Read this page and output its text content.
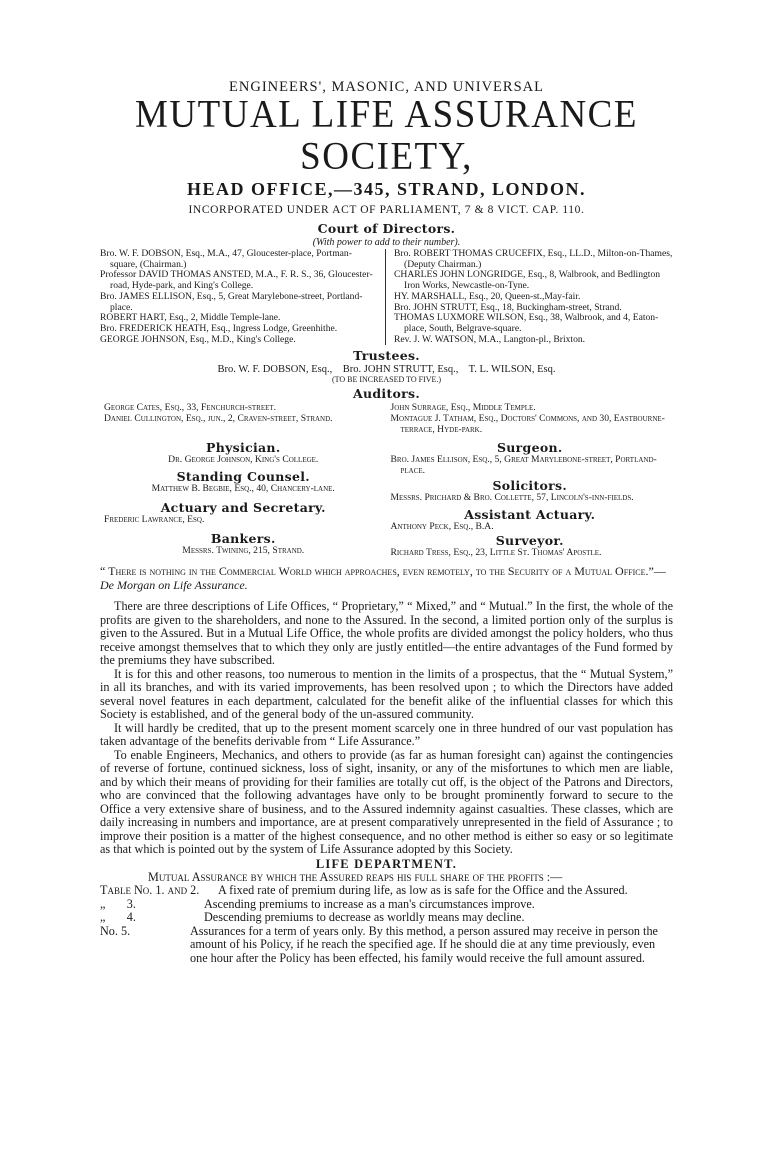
ENGINEERS', MASONIC, AND UNIVERSAL

MUTUAL LIFE ASSURANCE SOCIETY,

HEAD OFFICE,—345, STRAND, LONDON.

INCORPORATED UNDER ACT OF PARLIAMENT, 7 & 8 VICT. CAP. 110.

Court of Directors.
(With power to add to their number).

Bro. W. F. DOBSON, Esq., M.A., 47, Gloucester-place, Portman-square, (Chairman.)

Professor DAVID THOMAS ANSTED, M.A., F. R. S., 36, Gloucester-road, Hyde-park, and King's College.

Bro. JAMES ELLISON, Esq., 5, Great Marylebone-street, Portland-place.

ROBERT HART, Esq., 2, Middle Temple-lane.

Bro. FREDERICK HEATH, Esq., Ingress Lodge, Greenhithe.

GEORGE JOHNSON, Esq., M.D., King's College.

Bro. ROBERT THOMAS CRUCEFIX, Esq., LL.D., Milton-on-Thames, (Deputy Chairman.)

CHARLES JOHN LONGRIDGE, Esq., 8, Walbrook, and Bedlington Iron Works, Newcastle-on-Tyne.

HY. MARSHALL, Esq., 20, Queen-st.,May-fair.

Bro. JOHN STRUTT, Esq., 18, Buckingham-street, Strand.

THOMAS LUXMORE WILSON, Esq., 38, Walbrook, and 4, Eaton-place, South, Belgrave-square.

Rev. J. W. WATSON, M.A., Langton-pl., Brixton.

Trustees.
Bro. W. F. DOBSON, Esq.,    Bro. JOHN STRUTT, Esq.,    T. L. WILSON, Esq.
(TO BE INCREASED TO FIVE.)
Auditors.

George Cates, Esq., 33, Fenchurch-street.

Daniel Cullington, Esq., jun., 2, Craven-street, Strand.

John Surrage, Esq., Middle Temple.

Montague J. Tatham, Esq., Doctors' Commons, and 30, Eastbourne-terrace, Hyde-park.

Physician.
Dr. George Johnson, King's College.
Standing Counsel.
Matthew B. Begbie, Esq., 40, Chancery-lane.
Actuary and Secretary.
Frederic Lawrance, Esq.
Bankers.
Messrs. Twining, 215, Strand.
Surgeon.

Bro. James Ellison, Esq., 5, Great Marylebone-street, Portland-place.

Solicitors.

Messrs. Prichard & Bro. Collette, 57, Lincoln's-inn-fields.

Assistant Actuary.
Anthony Peck, Esq., B.A.
Surveyor.

Richard Tress, Esq., 23, Little St. Thomas' Apostle.

“ There is nothing in the Commercial World which approaches, even remotely, to the Security of a Mutual Office.”—De Morgan on Life Assurance.

There are three descriptions of Life Offices, “ Proprietary,” “ Mixed,” and “ Mutual.” In the first, the whole of the profits are given to the shareholders, and none to the Assured. In the second, a limited portion only of the surplus is given to the Assured. But in a Mutual Life Office, the whole profits are divided amongst the policy holders, who thus receive amongst themselves that to which they only are justly entitled—the entire advantages of the Fund formed by the premiums they have subscribed.

It is for this and other reasons, too numerous to mention in the limits of a prospectus, that the “ Mutual System,” in all its branches, and with its varied improvements, has been resolved upon ; to which the Directors have added several novel features in each department, calculated for the benefit alike of the influential classes for which this Society is established, and of the general body of the un-assured community.

It will hardly be credited, that up to the present moment scarcely one in three hundred of our vast population has taken advantage of the benefits derivable from “ Life Assurance.”

To enable Engineers, Mechanics, and others to provide (as far as human foresight can) against the contingencies of reverse of fortune, continued sickness, loss of sight, insanity, or any of the misfortunes to which men are liable, and by which their means of providing for their families are totally cut off, is the object of the Patrons and Directors, who are convinced that the following advantages have only to be brought prominently forward to secure to the Office a very extensive share of business, and to the Assured indemnity against casualties. These classes, which are daily increasing in numbers and importance, are at present comparatively unrepresented in the field of Assurance ; to improve their position is a matter of the highest consequence, and no other method is either so easy or so legitimate as that which is pointed out by the system of Life Assurance adopted by this Society.

LIFE DEPARTMENT.

Mutual Assurance by which the Assured reaps his full share of the profits :—
Table No. 1. and 2.	A fixed rate of premium during life, as low as is safe for the Office and the Assured.
„       3.	Ascending premiums to increase as a man's circumstances improve.
„       4.	Descending premiums to decrease as worldly means may decline.
No. 5.	Assurances for a term of years only. By this method, a person assured may receive in person the amount of his Policy, if he reach the specified age. If he should die at any time previously, even one hour after the Policy has been effected, his family would receive the full amount assured.
